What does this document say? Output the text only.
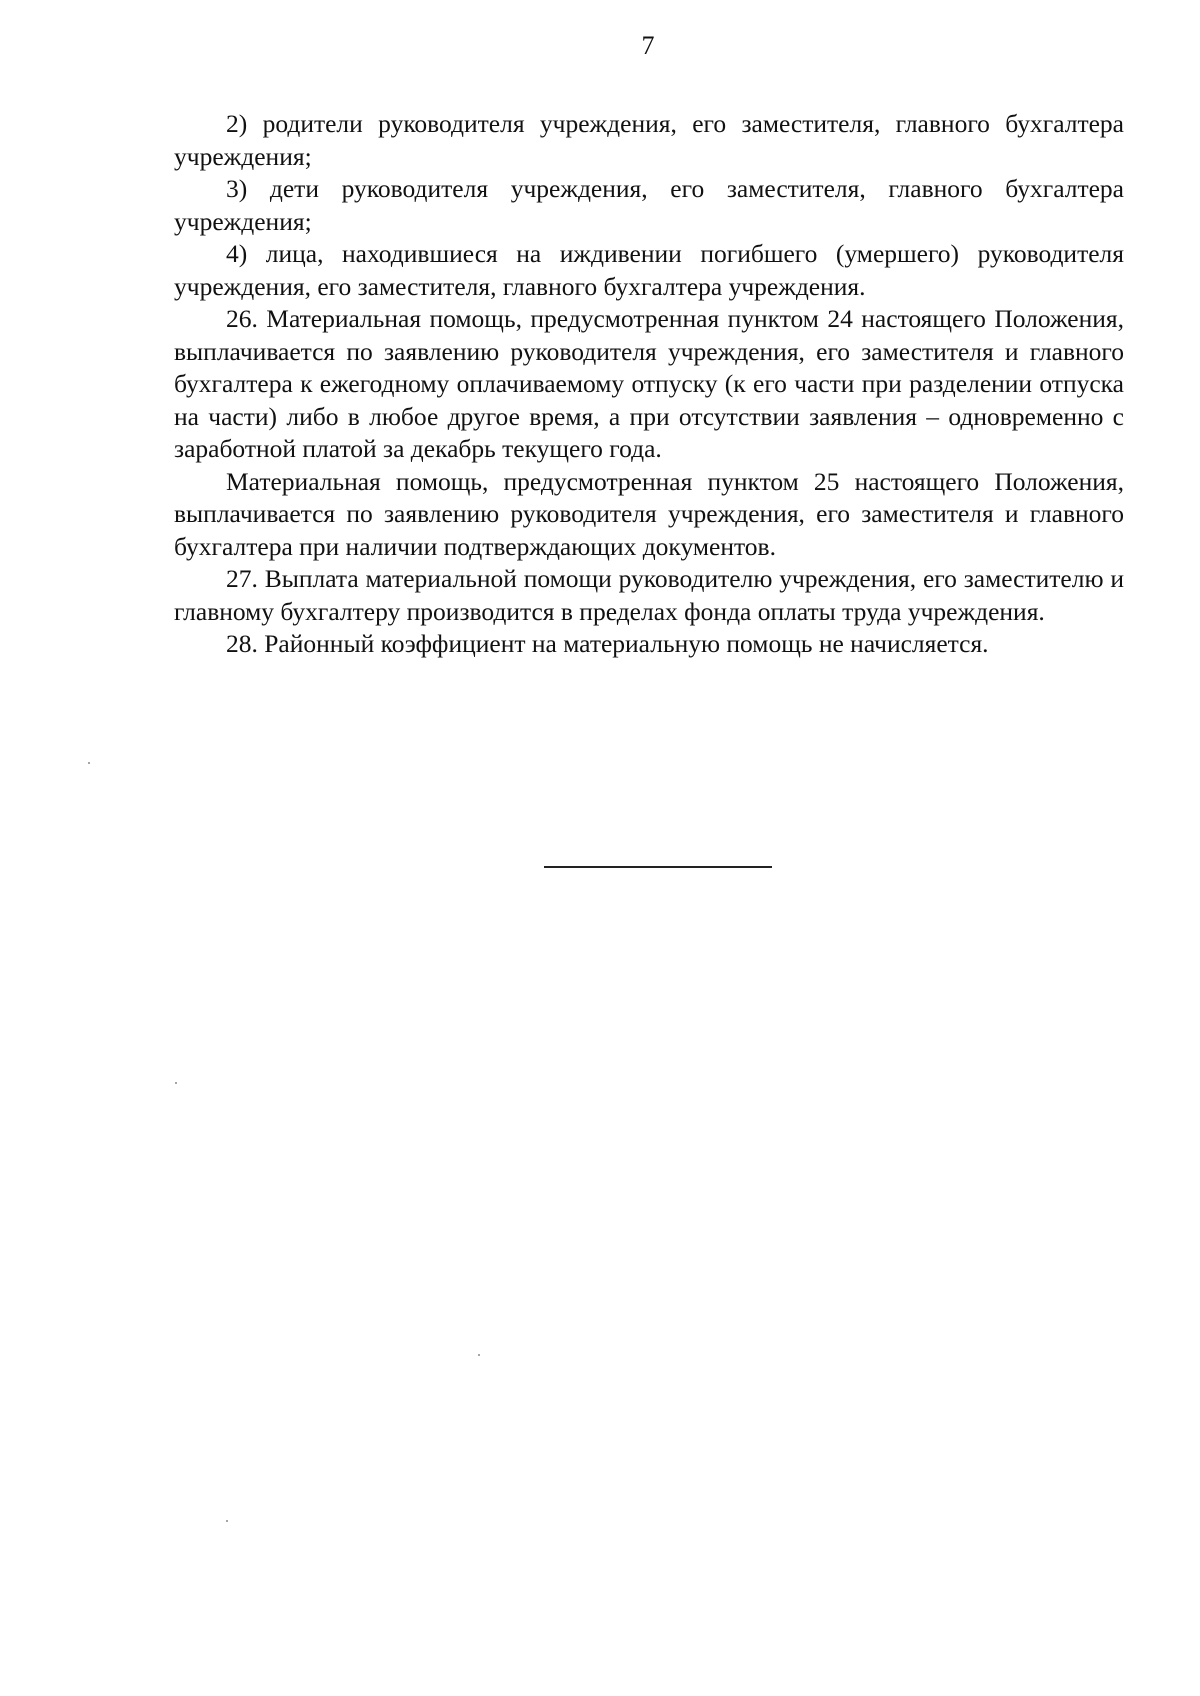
7

2) родители руководителя учреждения, его заместителя, главного бухгалтера учреждения;

3) дети руководителя учреждения, его заместителя, главного бухгалтера учреждения;

4) лица, находившиеся на иждивении погибшего (умершего) руководителя учреждения, его заместителя, главного бухгалтера учреждения.

26. Материальная помощь, предусмотренная пунктом 24 настоящего Положения, выплачивается по заявлению руководителя учреждения, его заместителя и главного бухгалтера к ежегодному оплачиваемому отпуску (к его части при разделении отпуска на части) либо в любое другое время, а при отсутствии заявления – одновременно с заработной платой за декабрь текущего года.

Материальная помощь, предусмотренная пунктом 25 настоящего Положения, выплачивается по заявлению руководителя учреждения, его заместителя и главного бухгалтера при наличии подтверждающих документов.

27. Выплата материальной помощи руководителю учреждения, его заместителю и главному бухгалтеру производится в пределах фонда оплаты труда учреждения.

28. Районный коэффициент на материальную помощь не начисляется.
